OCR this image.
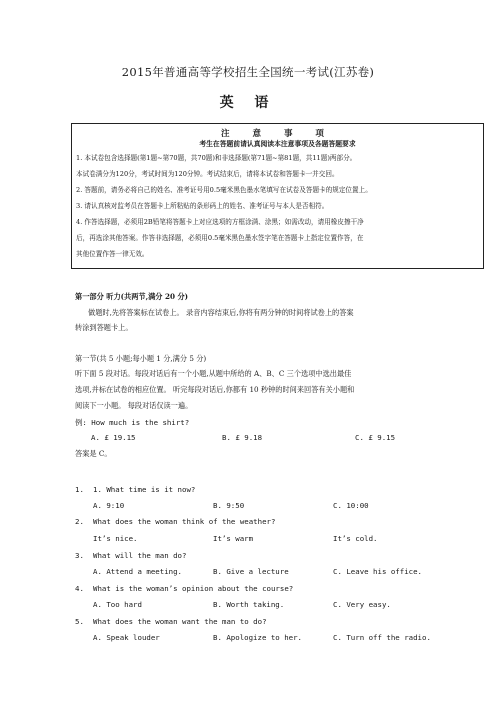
2015年普通高等学校招生全国统一考试(江苏卷)
英 语
注 意 事 项
考生在答题前请认真阅读本注意事项及各题答题要求
1. 本试卷包含选择题(第1题~第70题，共70题)和非选择题(第71题~第81题，共11题)两部分。
本试卷满分为120分，考试时间为120分钟。考试结束后，请将本试卷和答题卡一并交回。
2. 答题前，请务必将自己的姓名、准考证号用0.5毫米黑色墨水笔填写在试卷及答题卡的规定位置上。
3. 请认真核对监考员在答题卡上所粘贴的条形码上的姓名、准考证号与本人是否相符。
4. 作答选择题，必须用2B铅笔将答题卡上对应选项的方框涂满、涂黑；如需改动，请用橡皮擦干净
后，再选涂其他答案。作答非选择题，必须用0.5毫米黑色墨水签字笔在答题卡上指定位置作答，在
其他位置作答一律无效。
第一部分 听力(共两节,满分 20 分)
做题时,先将答案标在试卷上。 录音内容结束后,你将有两分钟的时间将试卷上的答案
转涂到答题卡上。
第一节(共 5 小题;每小题 1 分,满分 5 分)
听下面 5 段对话。每段对话后有一个小题,从题中所给的 A、B、C 三个选项中选出最佳
选项,并标在试卷的相应位置。 听完每段对话后,你都有 10 秒钟的时间来回答有关小题和
阅读下一小题。 每段对话仅读一遍。
例: How much is the shirt?
A. £ 19.15	B. £ 9.18	C. £ 9.15
答案是 C。
1. 1. What time is it now?
A. 9:10	B. 9:50	C. 10:00
2. What does the woman think of the weather?
It’s nice.	It’s warm	It’s cold.
3. What will the man do?
A. Attend a meeting.	B. Give a lecture	C. Leave his office.
4. What is the woman’s opinion about the course?
A. Too hard	B. Worth taking.	C. Very easy.
5. What does the woman want the man to do?
A. Speak louder	B. Apologize to her.	C. Turn off the radio.
